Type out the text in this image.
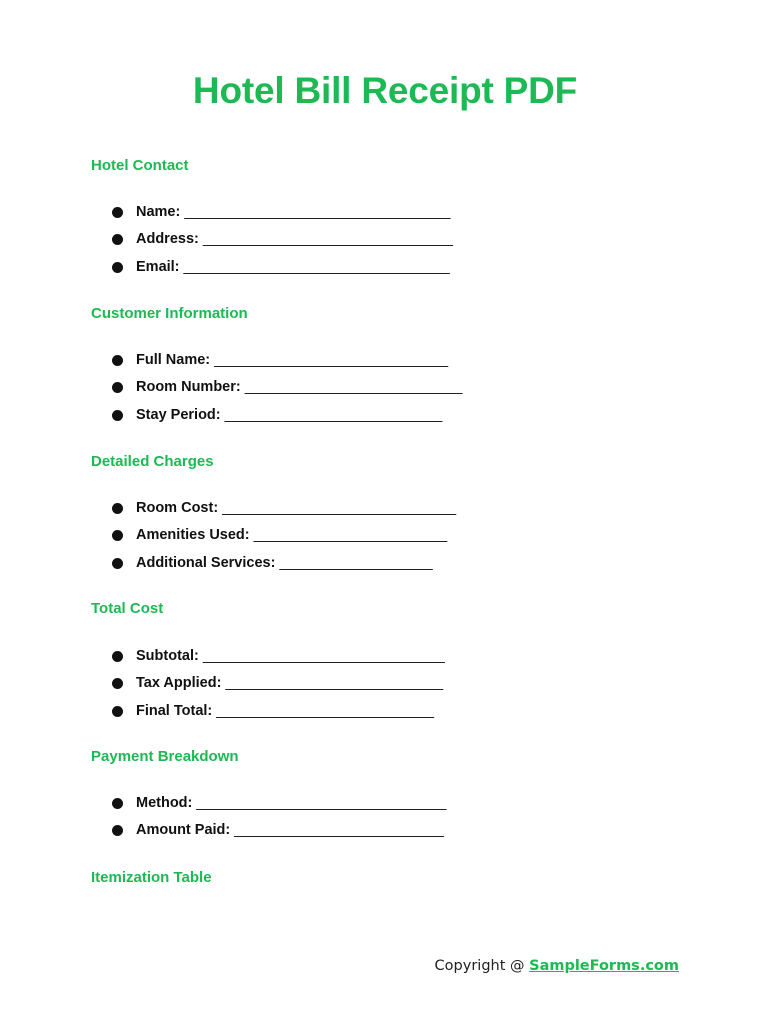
Hotel Bill Receipt PDF
Hotel Contact
Name: _________________________________
Address: _______________________________
Email: _________________________________
Customer Information
Full Name: _____________________________
Room Number: ___________________________
Stay Period: ___________________________
Detailed Charges
Room Cost: _____________________________
Amenities Used: ________________________
Additional Services: ___________________
Total Cost
Subtotal: ______________________________
Tax Applied: ___________________________
Final Total: ___________________________
Payment Breakdown
Method: _______________________________
Amount Paid: __________________________
Itemization Table
Copyright @ SampleForms.com
